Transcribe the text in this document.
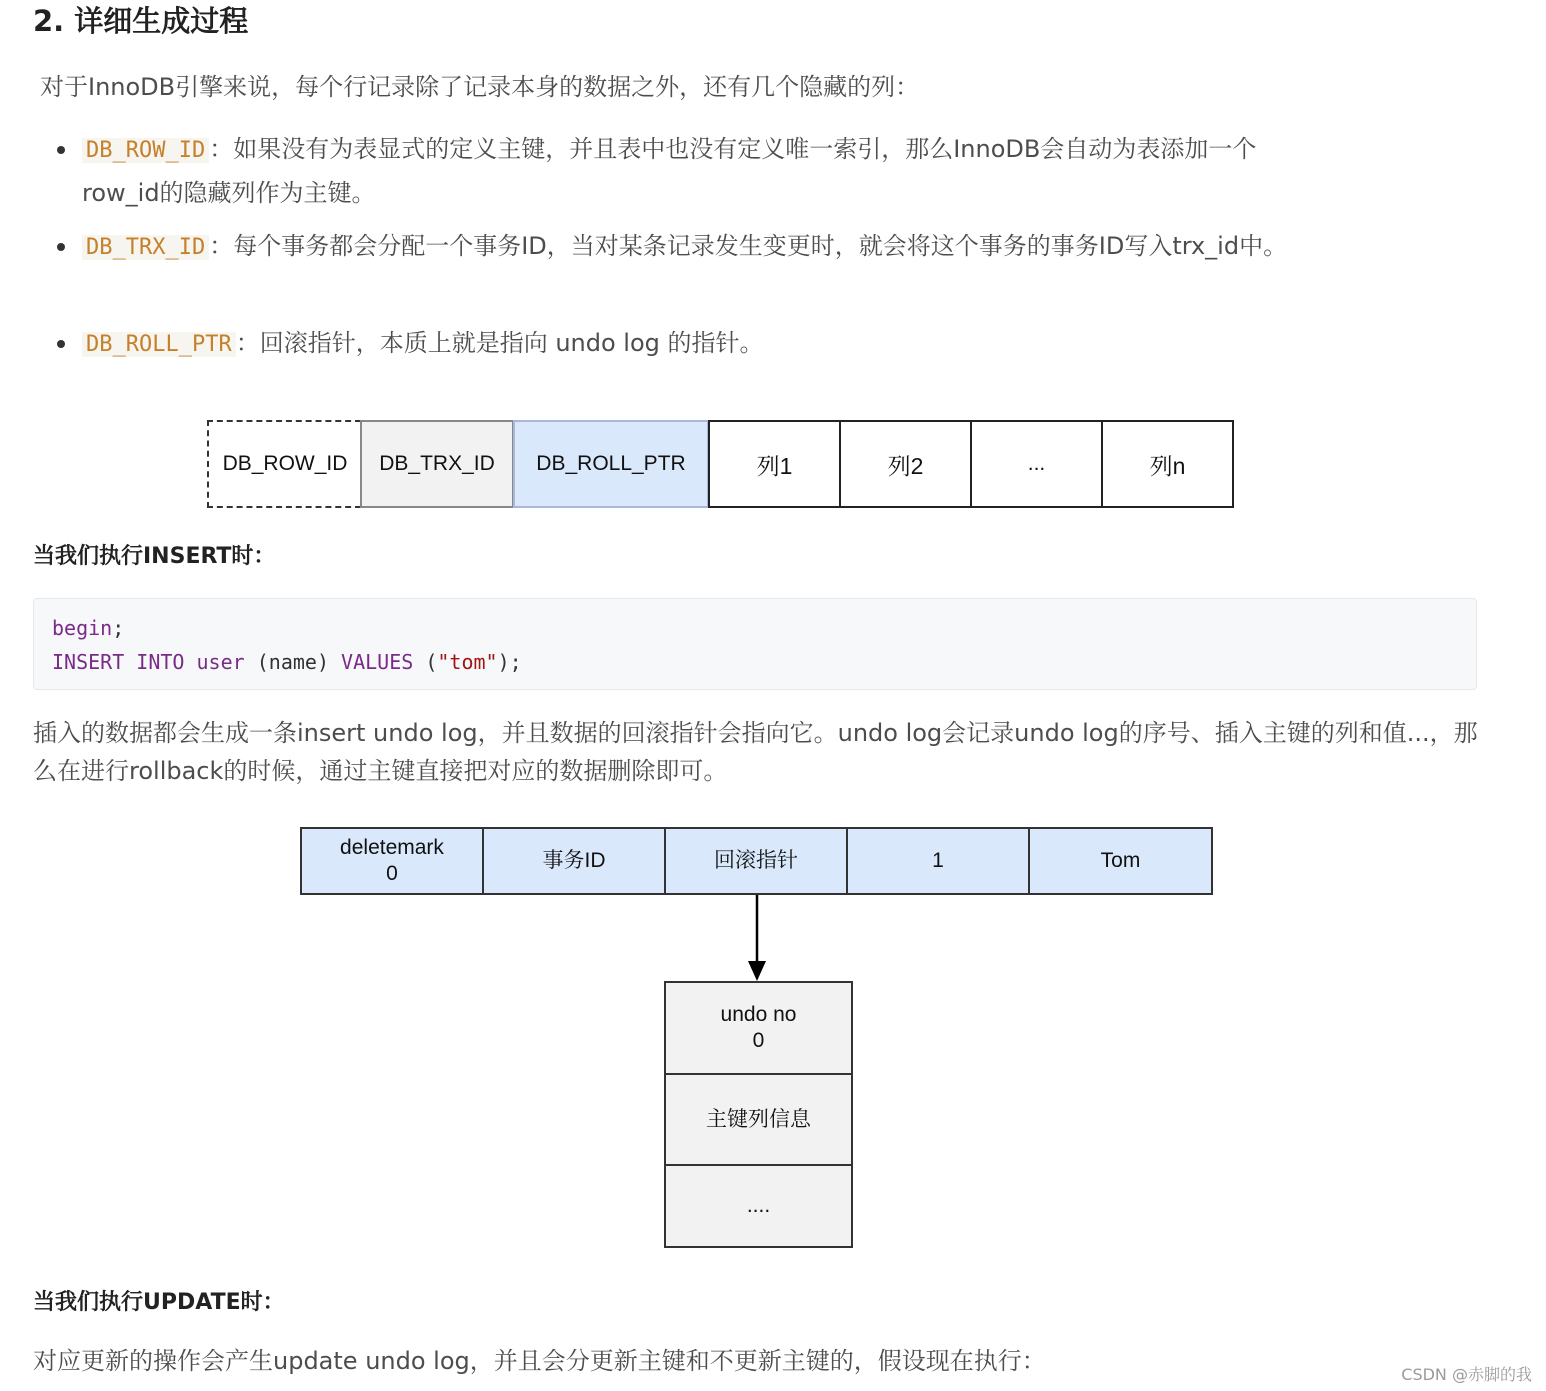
2. 详细生成过程

对于InnoDB引擎来说，每个行记录除了记录本身的数据之外，还有几个隐藏的列：

DB_ROW_ID ：如果没有为表显式的定义主键，并且表中也没有定义唯一索引，那么InnoDB会自动为表添加一个row_id的隐藏列作为主键。
DB_TRX_ID ：每个事务都会分配一个事务ID，当对某条记录发生变更时，就会将这个事务的事务ID写入trx_id中。
DB_ROLL_PTR ：回滚指针，本质上就是指向 undo log 的指针。
DB_ROW_ID	DB_TRX_ID	DB_ROLL_PTR	列1	列2	...	列n
当我们执行INSERT时：
begin;
INSERT INTO user (name) VALUES ("tom");

插入的数据都会生成一条insert undo log，并且数据的回滚指针会指向它。undo log会记录undo log的序号、插入主键的列和值...，那么在进行rollback的时候，通过主键直接把对应的数据删除即可。

deletemark
0
事务ID	回滚指针	1	Tom
undo no
0
主键列信息
....
当我们执行UPDATE时：

对应更新的操作会产生update undo log，并且会分更新主键和不更新主键的，假设现在执行：	CSDN @赤脚的我
